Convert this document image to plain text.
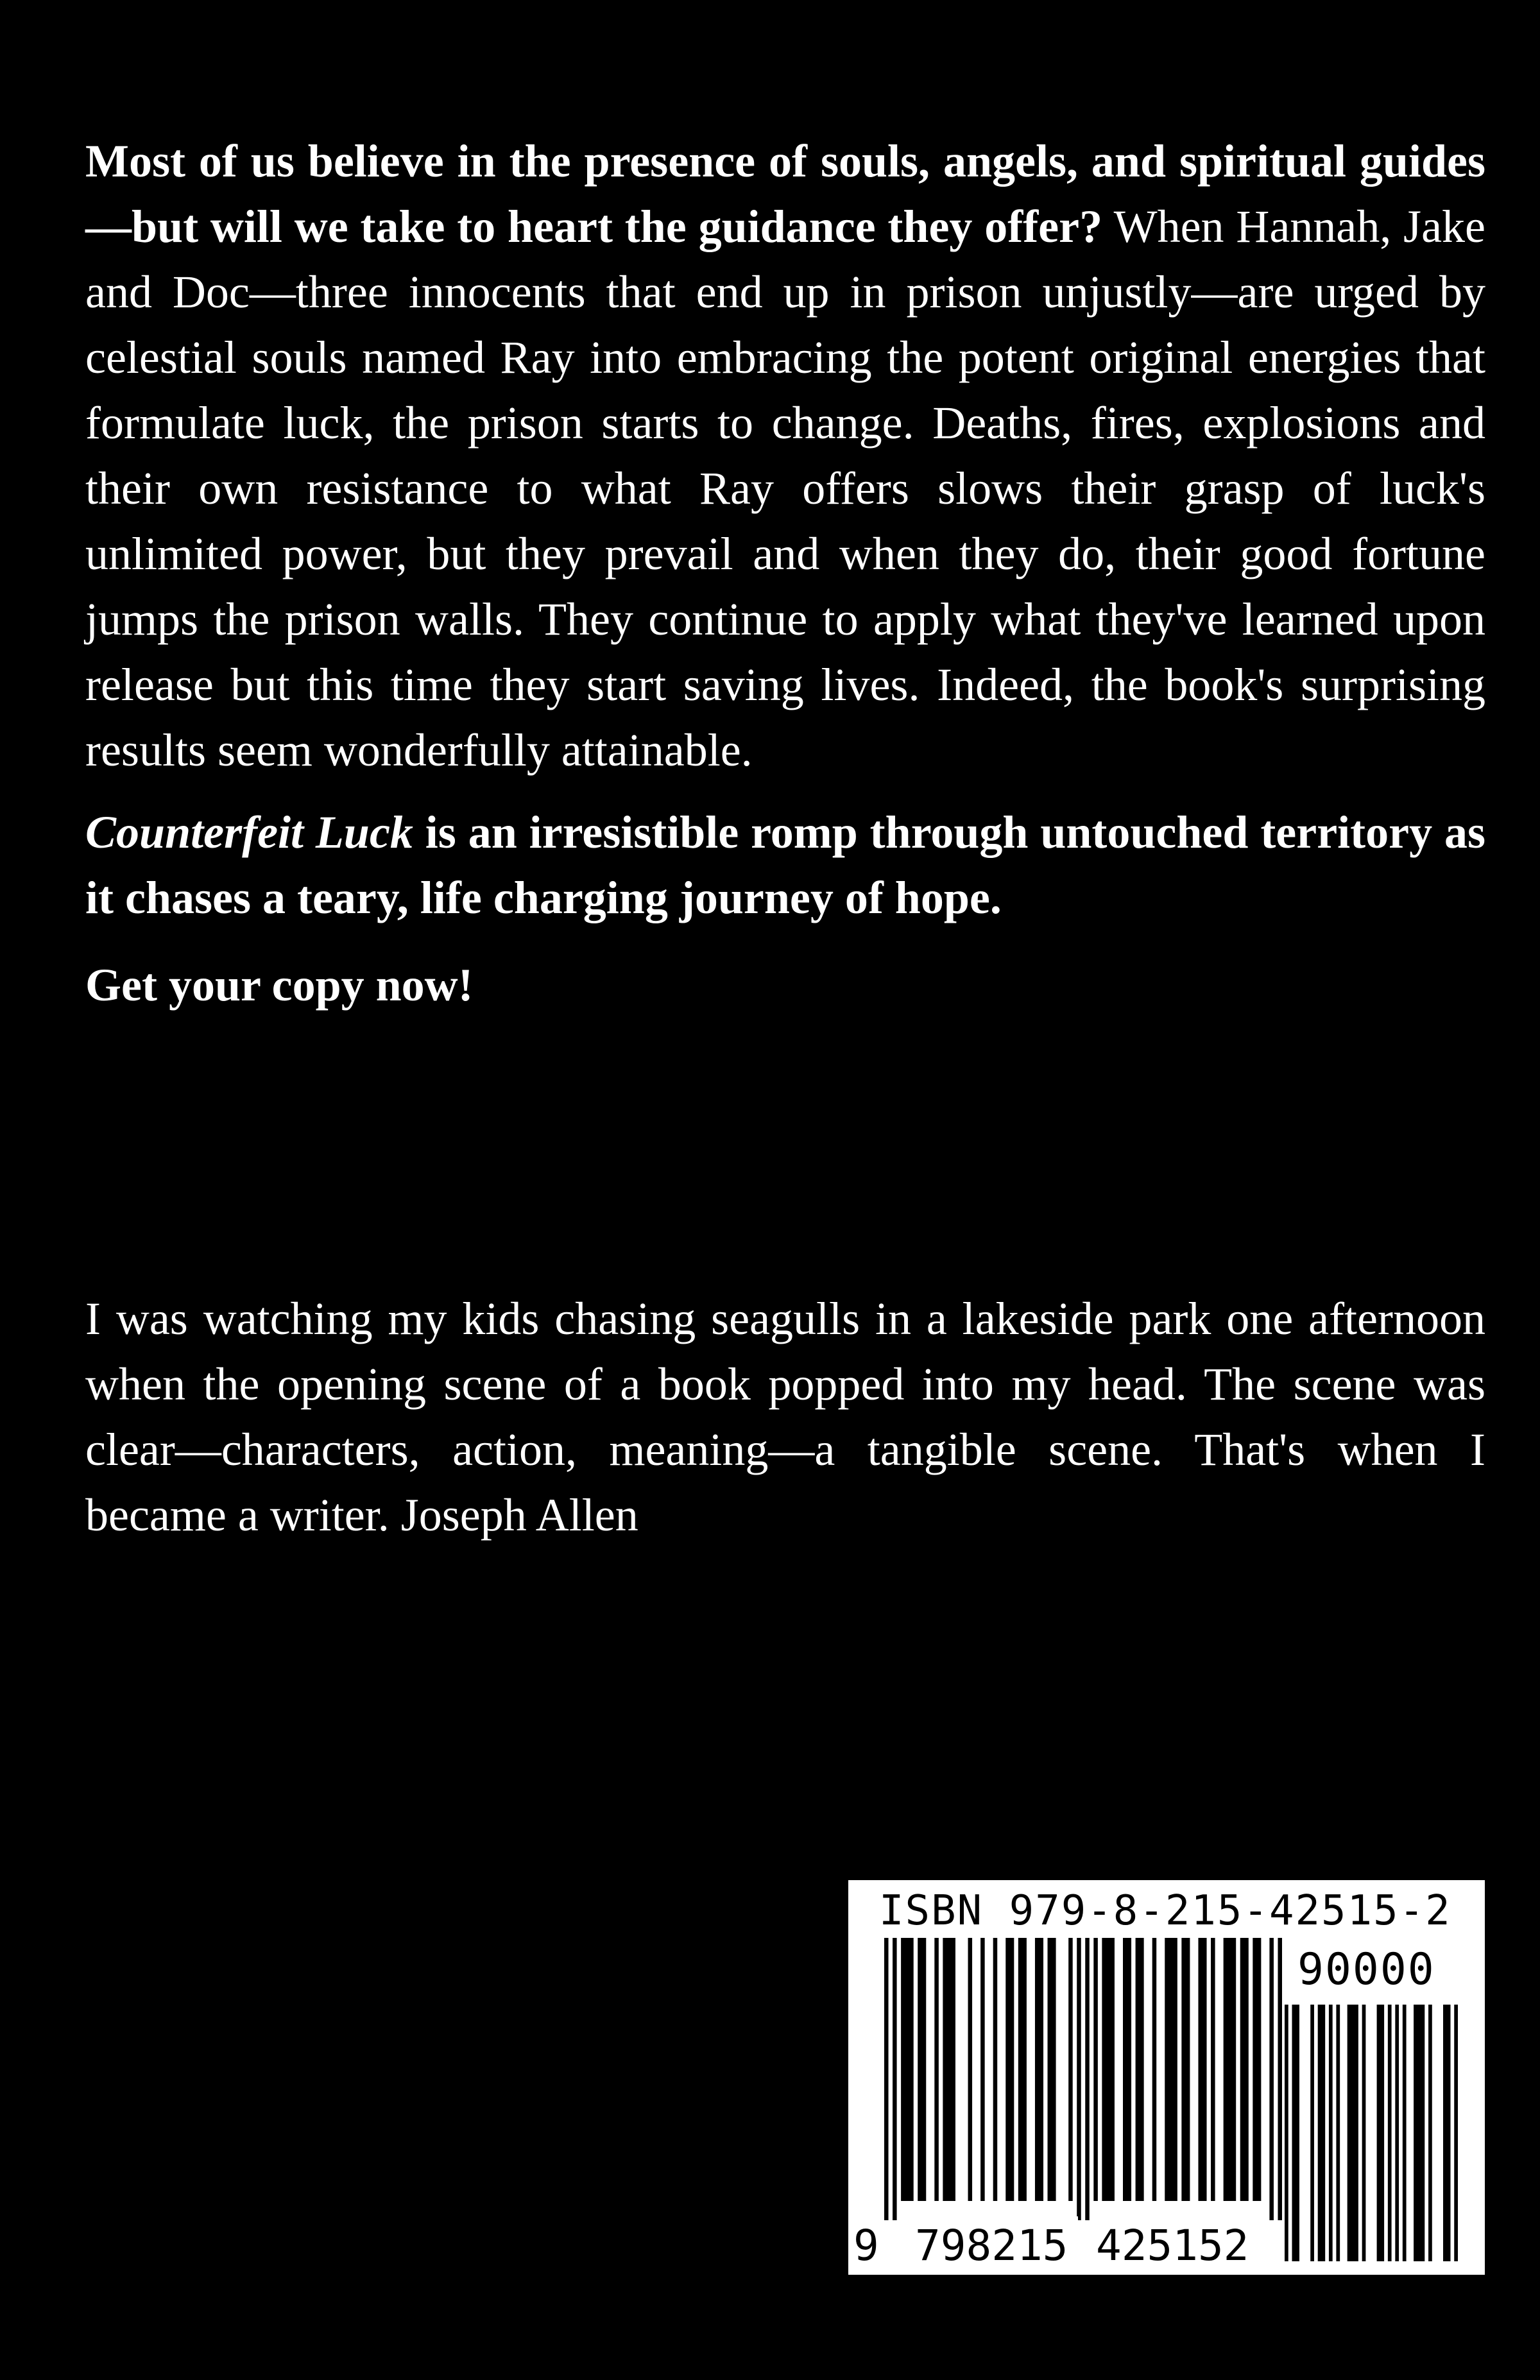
Most of us believe in the presence of souls, angels, and spiritual guides—but will we take to heart the guidance they offer? When Hannah, Jake and Doc—three innocents that end up in prison unjustly—are urged by celestial souls named Ray into embracing the potent original energies that formulate luck, the prison starts to change. Deaths, fires, explosions and their own resistance to what Ray offers slows their grasp of luck's unlimited power, but they prevail and when they do, their good fortune jumps the prison walls. They continue to apply what they've learned upon release but this time they start saving lives. Indeed, the book's surprising results seem wonderfully attainable.

Counterfeit Luck is an irresistible romp through untouched territory as it chases a teary, life charging journey of hope.

Get your copy now!

I was watching my kids chasing seagulls in a lakeside park one afternoon when the opening scene of a book popped into my head. The scene was clear—characters, action, meaning—a tangible scene. That's when I became a writer. Joseph Allen

ISBN 979-8-215-42515-2
90000
9 798215 425152
